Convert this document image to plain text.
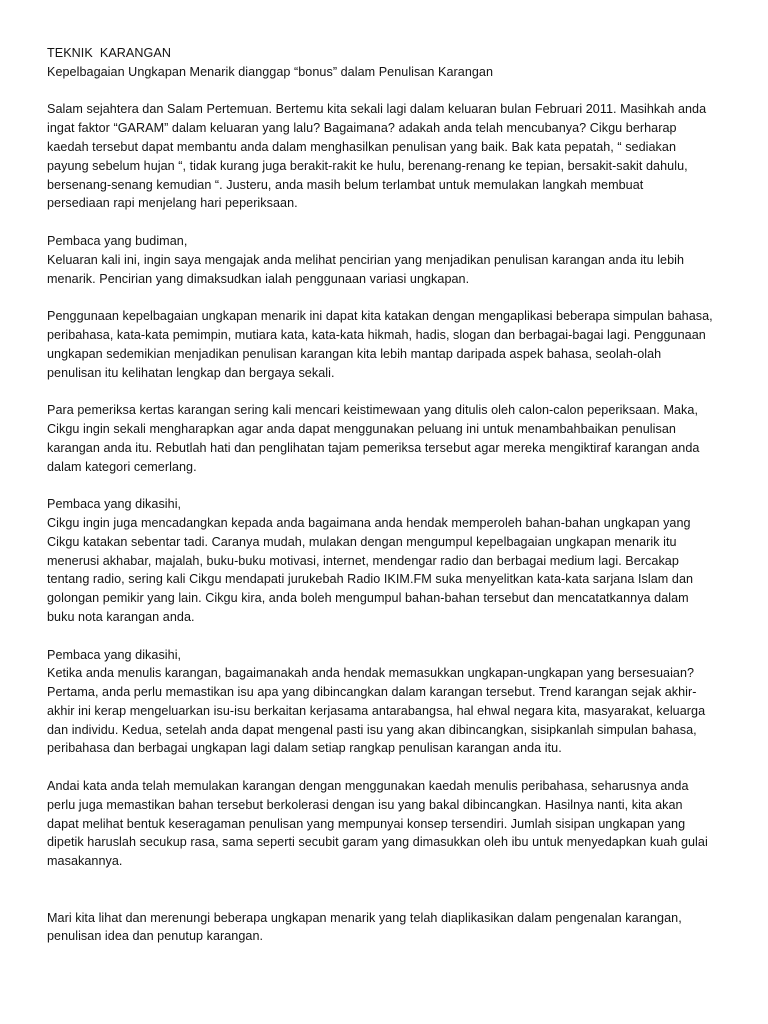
TEKNIK  KARANGAN
Kepelbagaian Ungkapan Menarik dianggap “bonus” dalam Penulisan Karangan
Salam sejahtera dan Salam Pertemuan. Bertemu kita sekali lagi dalam keluaran bulan Februari 2011. Masihkah anda
ingat faktor “GARAM” dalam keluaran yang lalu? Bagaimana? adakah anda telah mencubanya? Cikgu berharap
kaedah tersebut dapat membantu anda dalam menghasilkan penulisan yang baik. Bak kata pepatah, “ sediakan
payung sebelum hujan “, tidak kurang juga berakit-rakit ke hulu, berenang-renang ke tepian, bersakit-sakit dahulu,
bersenang-senang kemudian “. Justeru, anda masih belum terlambat untuk memulakan langkah membuat
persediaan rapi menjelang hari peperiksaan.
Pembaca yang budiman,
Keluaran kali ini, ingin saya mengajak anda melihat pencirian yang menjadikan penulisan karangan anda itu lebih
menarik. Pencirian yang dimaksudkan ialah penggunaan variasi ungkapan.
Penggunaan kepelbagaian ungkapan menarik ini dapat kita katakan dengan mengaplikasi beberapa simpulan bahasa,
peribahasa, kata-kata pemimpin, mutiara kata, kata-kata hikmah, hadis, slogan dan berbagai-bagai lagi. Penggunaan
ungkapan sedemikian menjadikan penulisan karangan kita lebih mantap daripada aspek bahasa, seolah-olah
penulisan itu kelihatan lengkap dan bergaya sekali.
Para pemeriksa kertas karangan sering kali mencari keistimewaan yang ditulis oleh calon-calon peperiksaan. Maka,
Cikgu ingin sekali mengharapkan agar anda dapat menggunakan peluang ini untuk menambahbaikan penulisan
karangan anda itu. Rebutlah hati dan penglihatan tajam pemeriksa tersebut agar mereka mengiktiraf karangan anda
dalam kategori cemerlang.
Pembaca yang dikasihi,
Cikgu ingin juga mencadangkan kepada anda bagaimana anda hendak memperoleh bahan-bahan ungkapan yang
Cikgu katakan sebentar tadi. Caranya mudah, mulakan dengan mengumpul kepelbagaian ungkapan menarik itu
menerusi akhabar, majalah, buku-buku motivasi, internet, mendengar radio dan berbagai medium lagi. Bercakap
tentang radio, sering kali Cikgu mendapati jurukebah Radio IKIM.FM suka menyelitkan kata-kata sarjana Islam dan
golongan pemikir yang lain. Cikgu kira, anda boleh mengumpul bahan-bahan tersebut dan mencatatkannya dalam
buku nota karangan anda.
Pembaca yang dikasihi,
Ketika anda menulis karangan, bagaimanakah anda hendak memasukkan ungkapan-ungkapan yang bersesuaian?
Pertama, anda perlu memastikan isu apa yang dibincangkan dalam karangan tersebut. Trend karangan sejak akhir-
akhir ini kerap mengeluarkan isu-isu berkaitan kerjasama antarabangsa, hal ehwal negara kita, masyarakat, keluarga
dan individu. Kedua, setelah anda dapat mengenal pasti isu yang akan dibincangkan, sisipkanlah simpulan bahasa,
peribahasa dan berbagai ungkapan lagi dalam setiap rangkap penulisan karangan anda itu.
Andai kata anda telah memulakan karangan dengan menggunakan kaedah menulis peribahasa, seharusnya anda
perlu juga memastikan bahan tersebut berkolerasi dengan isu yang bakal dibincangkan. Hasilnya nanti, kita akan
dapat melihat bentuk keseragaman penulisan yang mempunyai konsep tersendiri. Jumlah sisipan ungkapan yang
dipetik haruslah secukup rasa, sama seperti secubit garam yang dimasukkan oleh ibu untuk menyedapkan kuah gulai
masakannya.
Mari kita lihat dan merenungi beberapa ungkapan menarik yang telah diaplikasikan dalam pengenalan karangan,
penulisan idea dan penutup karangan.
